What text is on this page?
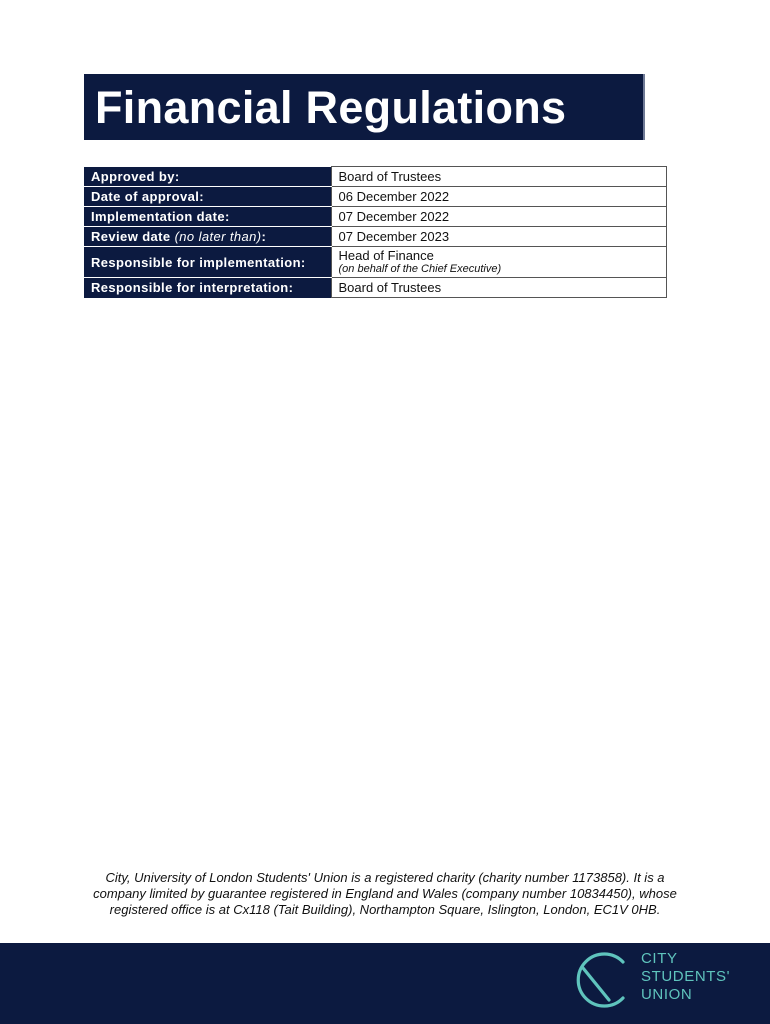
Financial Regulations
Approved by:	Board of Trustees
Date of approval:	06 December 2022
Implementation date:	07 December 2022
Review date (no later than):	07 December 2023
Responsible for implementation:	Head of Finance
(on behalf of the Chief Executive)

Responsible for interpretation:	Board of Trustees
City, University of London Students' Union is a registered charity (charity number 1173858). It is a company limited by guarantee registered in England and Wales (company number 10834450), whose registered office is at Cx118 (Tait Building), Northampton Square, Islington, London, EC1V 0HB.
CITY
STUDENTS'
UNION
